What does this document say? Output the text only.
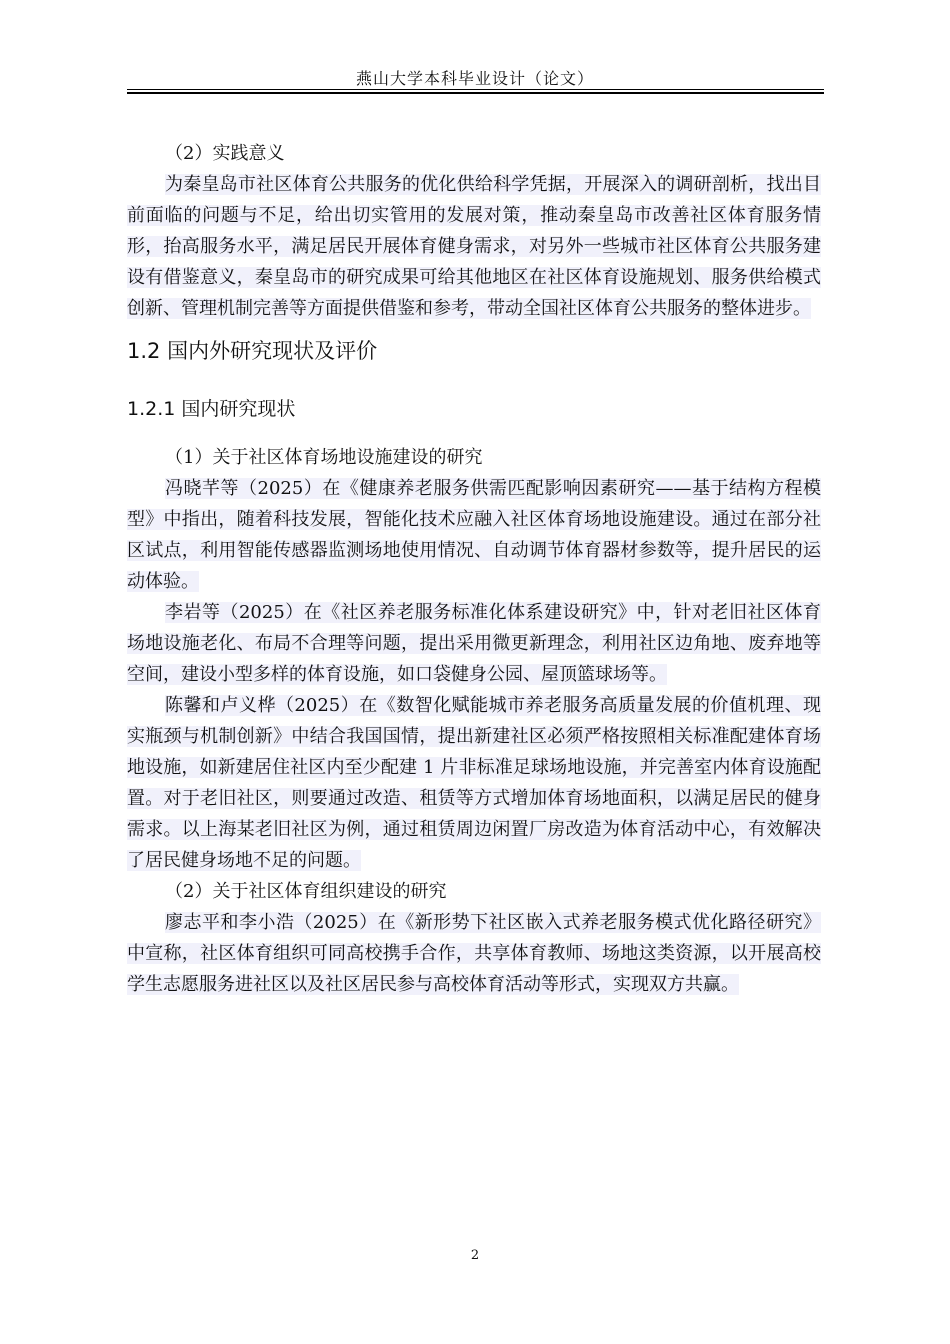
燕山大学本科毕业设计（论文）

（2）实践意义

为秦皇岛市社区体育公共服务的优化供给科学凭据，开展深入的调研剖析，找出目前面临的问题与不足，给出切实管用的发展对策，推动秦皇岛市改善社区体育服务情形，抬高服务水平，满足居民开展体育健身需求，对另外一些城市社区体育公共服务建设有借鉴意义，秦皇岛市的研究成果可给其他地区在社区体育设施规划、服务供给模式创新、管理机制完善等方面提供借鉴和参考，带动全国社区体育公共服务的整体进步。

1.2 国内外研究现状及评价
1.2.1 国内研究现状

（1）关于社区体育场地设施建设的研究

冯晓芊等（2025）在《健康养老服务供需匹配影响因素研究——基于结构方程模型》中指出，随着科技发展，智能化技术应融入社区体育场地设施建设。通过在部分社区试点，利用智能传感器监测场地使用情况、自动调节体育器材参数等，提升居民的运动体验。

李岩等（2025）在《社区养老服务标准化体系建设研究》中，针对老旧社区体育场地设施老化、布局不合理等问题，提出采用微更新理念，利用社区边角地、废弃地等空间，建设小型多样的体育设施，如口袋健身公园、屋顶篮球场等。

陈馨和卢义桦（2025）在《数智化赋能城市养老服务高质量发展的价值机理、现实瓶颈与机制创新》中结合我国国情，提出新建社区必须严格按照相关标准配建体育场地设施，如新建居住社区内至少配建 1 片非标准足球场地设施，并完善室内体育设施配置。对于老旧社区，则要通过改造、租赁等方式增加体育场地面积，以满足居民的健身需求。以上海某老旧社区为例，通过租赁周边闲置厂房改造为体育活动中心，有效解决了居民健身场地不足的问题。

（2）关于社区体育组织建设的研究

廖志平和李小浩（2025）在《新形势下社区嵌入式养老服务模式优化路径研究》中宣称，社区体育组织可同高校携手合作，共享体育教师、场地这类资源，以开展高校学生志愿服务进社区以及社区居民参与高校体育活动等形式，实现双方共赢。

2
